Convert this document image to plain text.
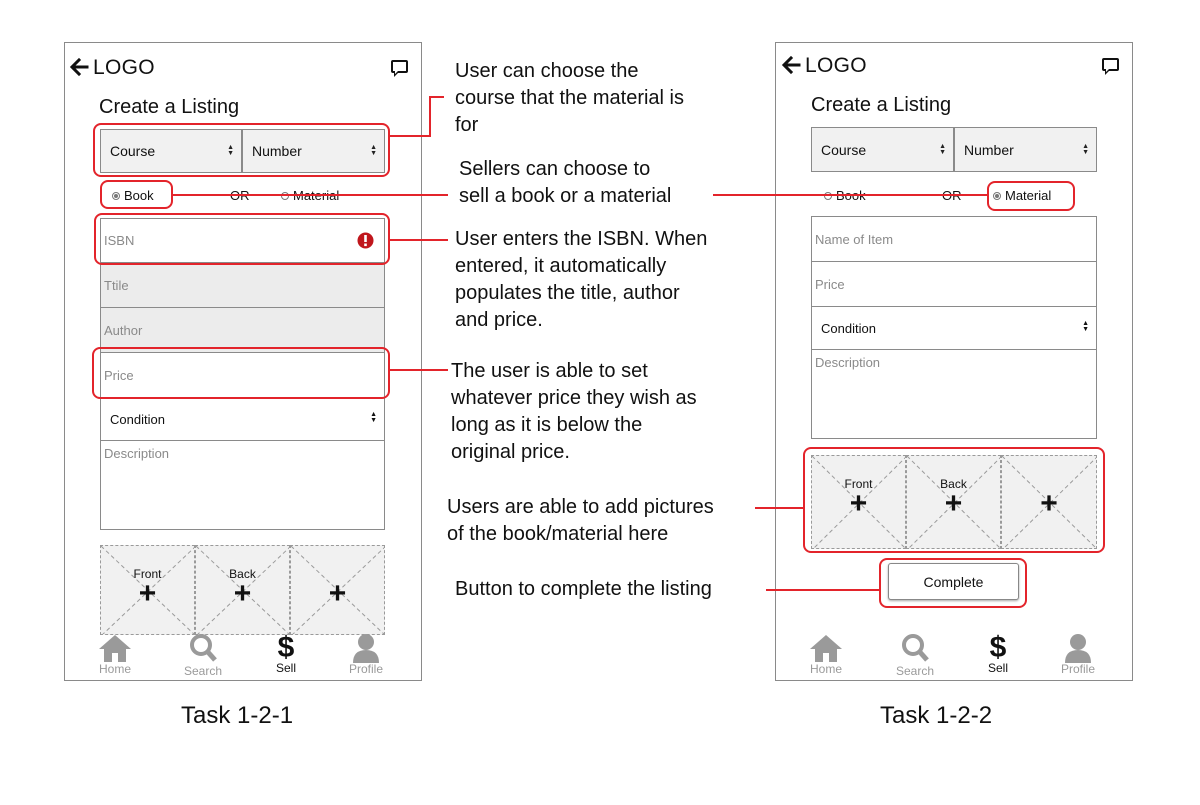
LOGO
Create a Listing
Course	▲
▼ Number	▲
▼
Book	OR	Material
ISBN
Ttile
Author
Price
Condition	▲
▼
Description
Front
+
Back
+	+
Home	Search
$
Sell	Profile
LOGO
Create a Listing
Course	▲
▼ Number	▲
▼
Book	OR	Material
Name of Item
Price
Condition	▲
▼
Description
Front
+
Back
+	+
Complete
Home	Search
$
Sell	Profile
User can choose the
course that the material is
for
Sellers can choose to
sell a book or a material
User enters the ISBN. When
entered, it automatically
populates the title, author
and price.
The user is able to set
whatever price they wish as
long as it is below the
original price.
Users are able to add pictures
of the book/material here
Button to complete the listing
Task 1-2-1	Task 1-2-2
